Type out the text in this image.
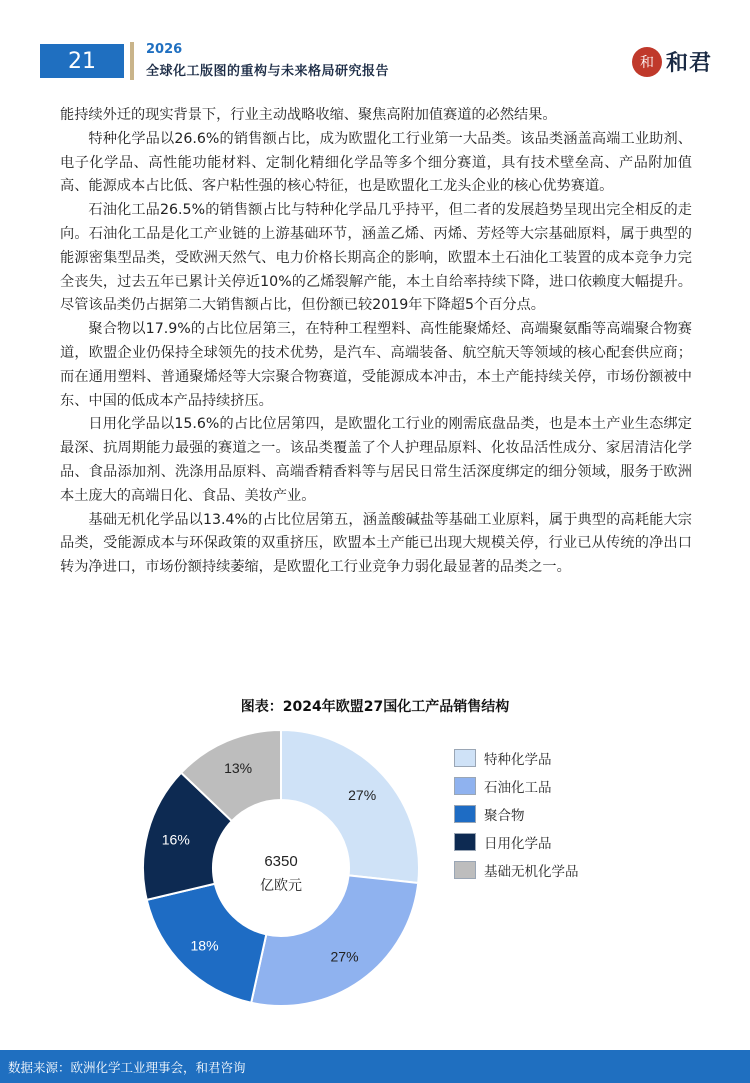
21	2026
全球化工版图的重构与未来格局研究报告
和 和君

能持续外迁的现实背景下，行业主动战略收缩、聚焦高附加值赛道的必然结果。

特种化学品以26.6%的销售额占比，成为欧盟化工行业第一大品类。该品类涵盖高端工业助剂、电子化学品、高性能功能材料、定制化精细化学品等多个细分赛道，具有技术壁垒高、产品附加值高、能源成本占比低、客户粘性强的核心特征，也是欧盟化工龙头企业的核心优势赛道。

石油化工品26.5%的销售额占比与特种化学品几乎持平，但二者的发展趋势呈现出完全相反的走向。石油化工品是化工产业链的上游基础环节，涵盖乙烯、丙烯、芳烃等大宗基础原料，属于典型的能源密集型品类，受欧洲天然气、电力价格长期高企的影响，欧盟本土石油化工装置的成本竞争力完全丧失，过去五年已累计关停近10%的乙烯裂解产能，本土自给率持续下降，进口依赖度大幅提升。尽管该品类仍占据第二大销售额占比，但份额已较2019年下降超5个百分点。

聚合物以17.9%的占比位居第三，在特种工程塑料、高性能聚烯烃、高端聚氨酯等高端聚合物赛道，欧盟企业仍保持全球领先的技术优势，是汽车、高端装备、航空航天等领域的核心配套供应商；而在通用塑料、普通聚烯烃等大宗聚合物赛道，受能源成本冲击，本土产能持续关停，市场份额被中东、中国的低成本产品持续挤压。

日用化学品以15.6%的占比位居第四，是欧盟化工行业的刚需底盘品类，也是本土产业生态绑定最深、抗周期能力最强的赛道之一。该品类覆盖了个人护理品原料、化妆品活性成分、家居清洁化学品、食品添加剂、洗涤用品原料、高端香精香料等与居民日常生活深度绑定的细分领域，服务于欧洲本土庞大的高端日化、食品、美妆产业。

基础无机化学品以13.4%的占比位居第五，涵盖酸碱盐等基础工业原料，属于典型的高耗能大宗品类，受能源成本与环保政策的双重挤压，欧盟本土产能已出现大规模关停，行业已从传统的净出口转为净进口，市场份额持续萎缩，是欧盟化工行业竞争力弱化最显著的品类之一。

图表：2024年欧盟27国化工产品销售结构
27%
27%
18%
16%
13%
6350
亿欧元
特种化学品
石油化工品
聚合物
日用化学品
基础无机化学品
数据来源：欧洲化学工业理事会，和君咨询
